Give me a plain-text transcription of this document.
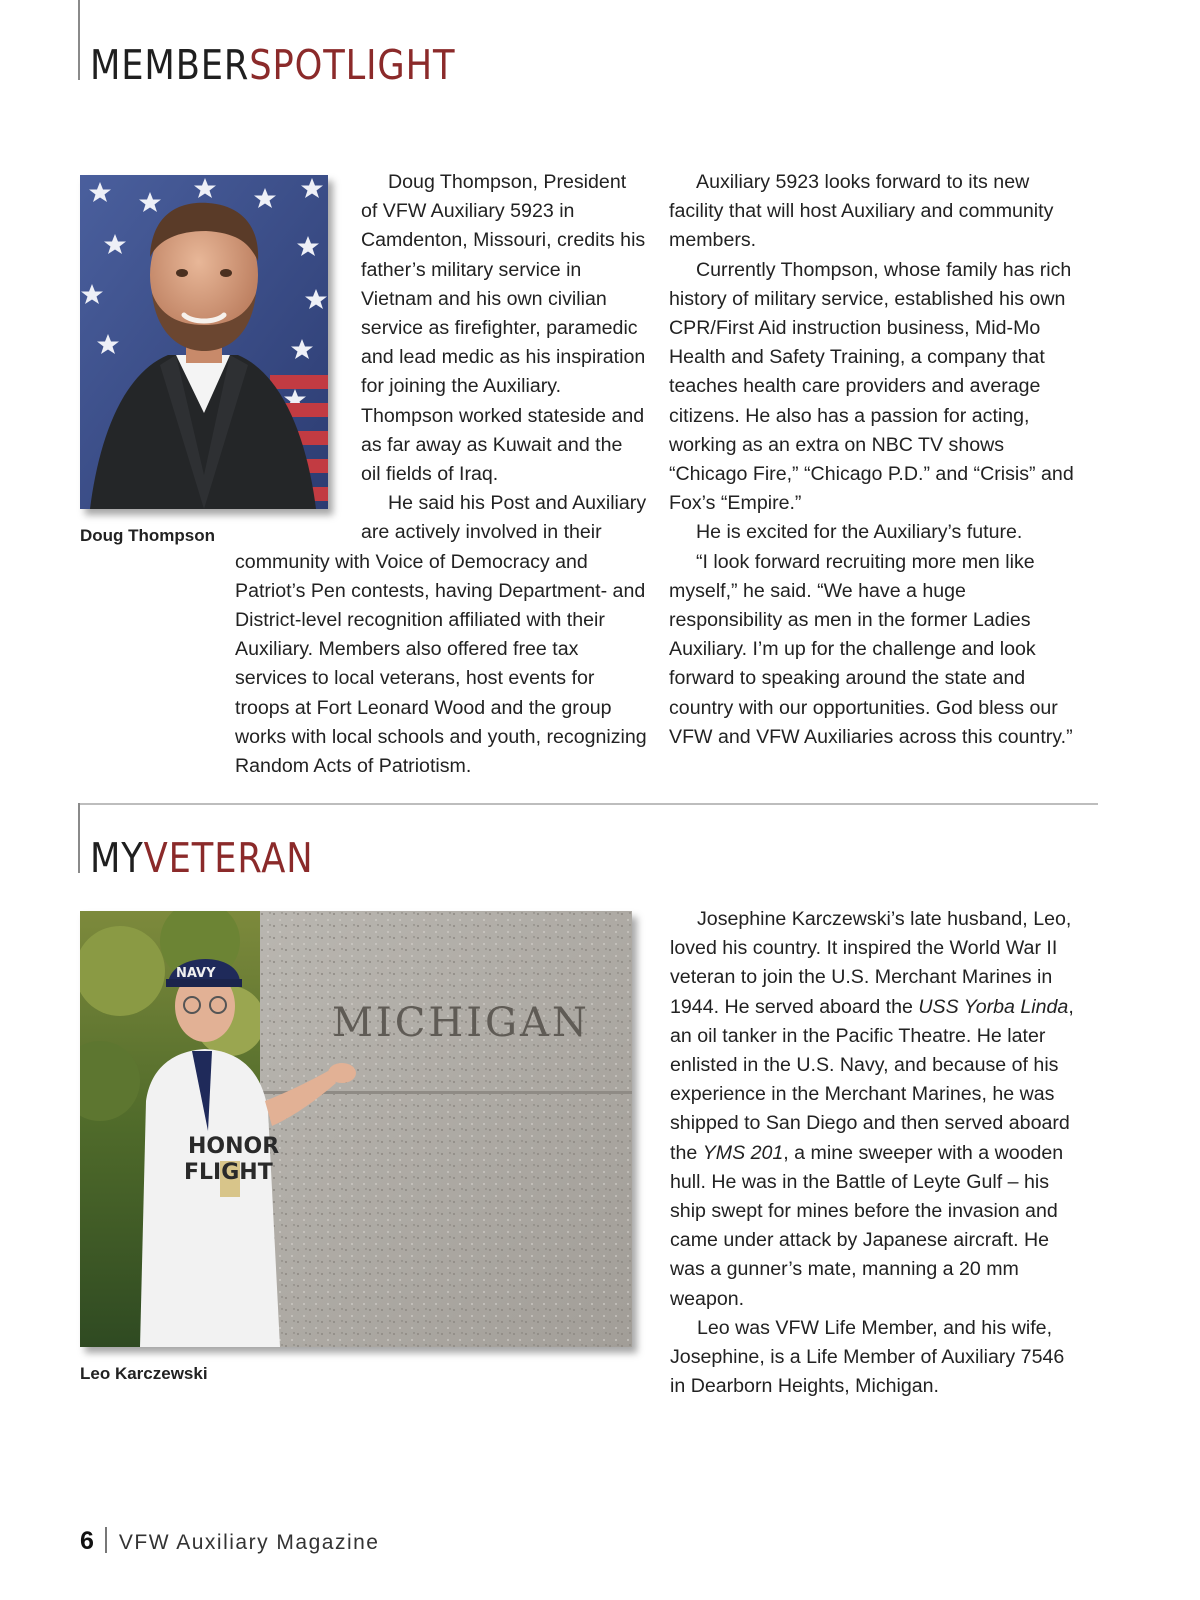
MEMBERSPOTLIGHT
Doug Thompson

Doug Thompson, President of VFW Auxiliary 5923 in Camdenton, Missouri, credits his father’s military service in Vietnam and his own civilian service as firefighter, paramedic and lead medic as his inspiration for joining the Auxiliary. Thompson worked stateside and as far away as Kuwait and the oil fields of Iraq.

He said his Post and Auxiliary are actively involved in their community with Voice of Democracy and Patriot’s Pen contests, having Department- and District-level recognition affiliated with their Auxiliary. Members also offered free tax services to local veterans, host events for troops at Fort Leonard Wood and the group works with local schools and youth, recognizing Random Acts of Patriotism.

Auxiliary 5923 looks forward to its new facility that will host Auxiliary and community members.

Currently Thompson, whose family has rich history of military service, established his own CPR/First Aid instruction business, Mid-Mo Health and Safety Training, a company that teaches health care providers and average citizens. He also has a passion for acting, working as an extra on NBC TV shows “Chicago Fire,” “Chicago P.D.” and “Crisis” and Fox’s “Empire.”

He is excited for the Auxiliary’s future.

“I look forward recruiting more men like myself,” he said. “We have a huge responsibility as men in the former Ladies Auxiliary. I’m up for the challenge and look forward to speaking around the state and country with our opportunities. God bless our VFW and VFW Auxiliaries across this country.”

MYVETERAN
MICHIGAN
NAVY
HONOR
FLIGHT
Leo Karczewski

Josephine Karczewski’s late husband, Leo, loved his country. It inspired the World War II veteran to join the U.S. Merchant Marines in 1944. He served aboard the USS Yorba Linda, an oil tanker in the Pacific Theatre. He later enlisted in the U.S. Navy, and because of his experience in the Merchant Marines, he was shipped to San Diego and then served aboard the YMS 201, a mine sweeper with a wooden hull. He was in the Battle of Leyte Gulf – his ship swept for mines before the invasion and came under attack by Japanese aircraft. He was a gunner’s mate, manning a 20 mm weapon.

Leo was VFW Life Member, and his wife, Josephine, is a Life Member of Auxiliary 7546 in Dearborn Heights, Michigan.

6 VFW Auxiliary Magazine
